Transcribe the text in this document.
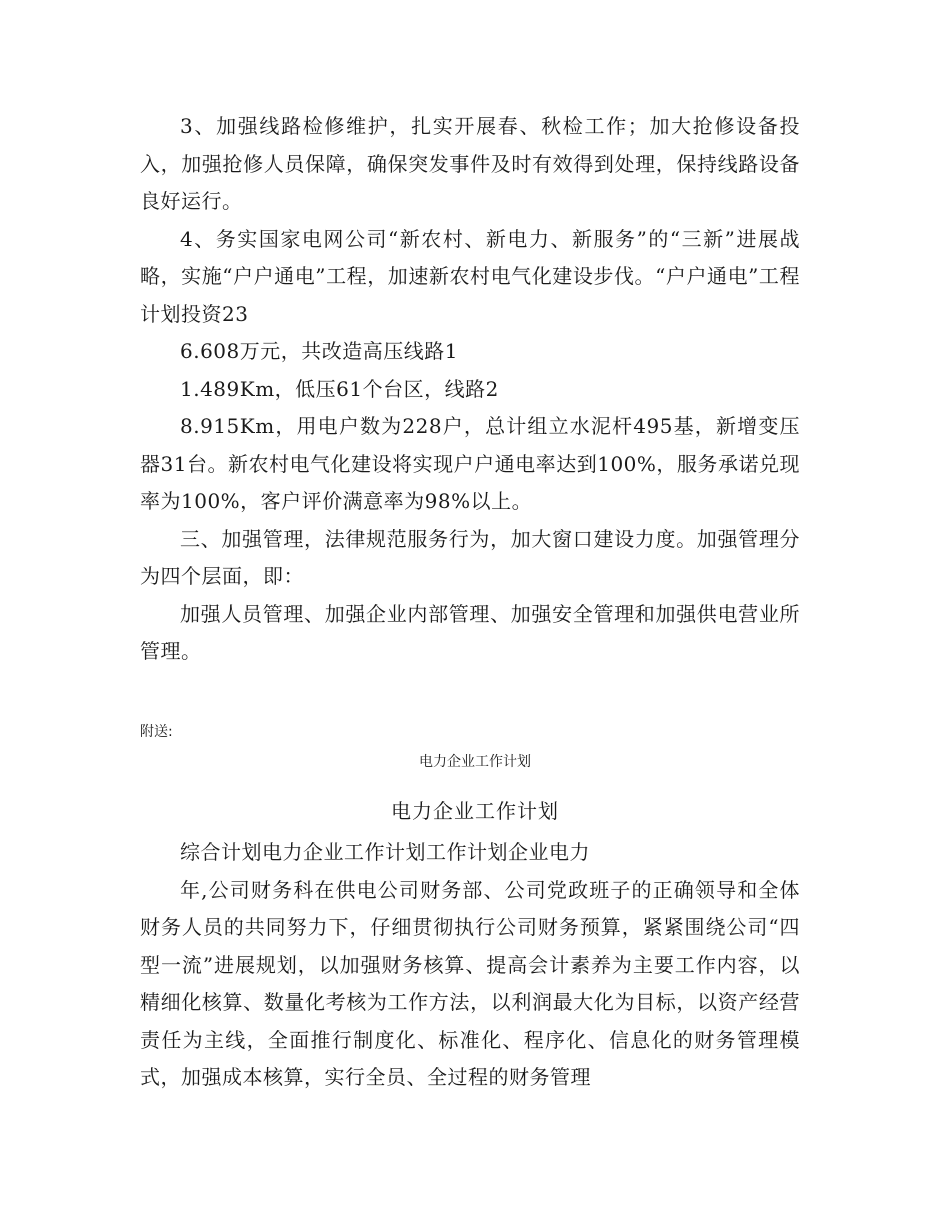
3、加强线路检修维护，扎实开展春、秋检工作；加大抢修设备投入，加强抢修人员保障，确保突发事件及时有效得到处理，保持线路设备良好运行。

4、务实国家电网公司“新农村、新电力、新服务”的“三新”进展战略，实施“户户通电”工程，加速新农村电气化建设步伐。“户户通电”工程计划投资23

6.608万元，共改造高压线路1

1.489Km，低压61个台区，线路2

8.915Km，用电户数为228户，总计组立水泥杆495基，新增变压器31台。新农村电气化建设将实现户户通电率达到100%，服务承诺兑现率为100%，客户评价满意率为98%以上。

三、加强管理，法律规范服务行为，加大窗口建设力度。加强管理分为四个层面，即：

加强人员管理、加强企业内部管理、加强安全管理和加强供电营业所管理。

附送:

电力企业工作计划

电力企业工作计划

综合计划电力企业工作计划工作计划企业电力

年,公司财务科在供电公司财务部、公司党政班子的正确领导和全体财务人员的共同努力下，仔细贯彻执行公司财务预算，紧紧围绕公司“四型一流”进展规划，以加强财务核算、提高会计素养为主要工作内容，以精细化核算、数量化考核为工作方法，以利润最大化为目标，以资产经营责任为主线，全面推行制度化、标准化、程序化、信息化的财务管理模式，加强成本核算，实行全员、全过程的财务管理
